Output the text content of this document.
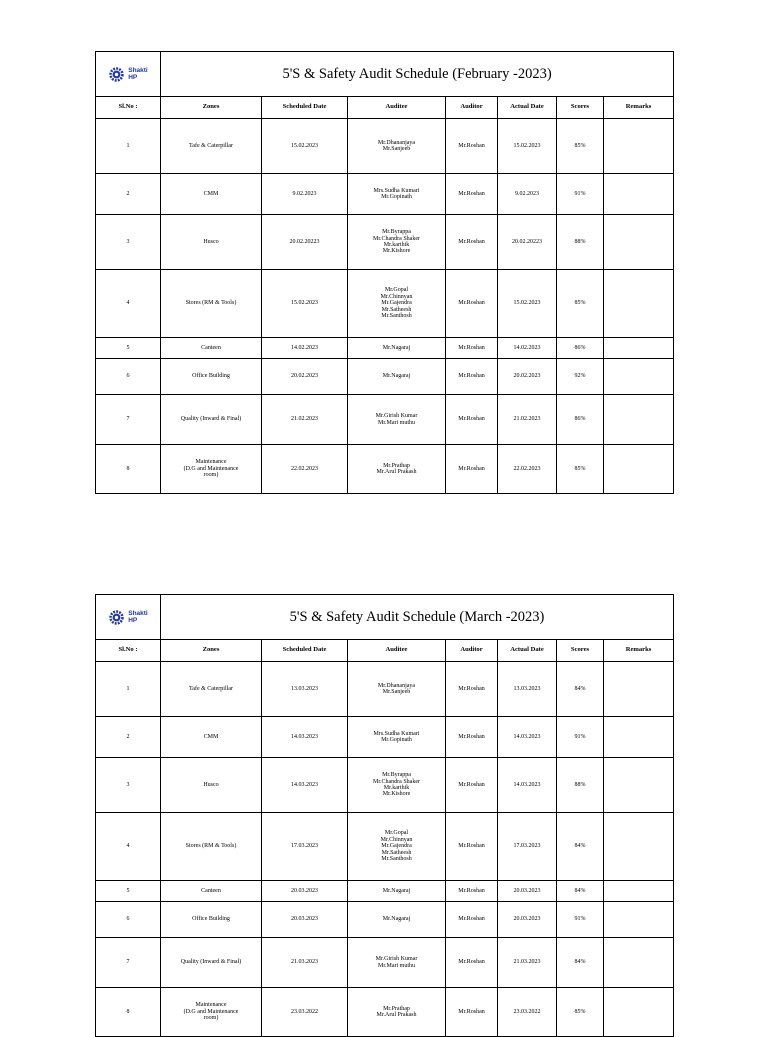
Shakti
HP	5'S & Safety Audit Schedule (February -2023)						
Sl.No :	Zones	Scheduled Date	Auditee	Auditor	Actual Date	Scores	Remarks
1	Tafe & Caterpillar	15.02.2023	Mr.Dhananjaya
Mr.Sanjeeb	Mr.Roshan	15.02.2023	85%	
2	CMM	9.02.2023	Mrs.Sudha Kumari
Mr.Gopinath	Mr.Roshan	9.02.2023	91%	
3	Husco	20.02.20223	Mr.Byrappa
Mr.Chandra Shaker
Mr.karthik
Mr.Kishore	Mr.Roshan	20.02.20223	88%	
4	Stores (RM & Tools)	15.02.2023	Mr.Gopal
Mr.Chinnyan
Mr.Gajendra
Mr.Satheesh
Mr.Santhosh	Mr.Roshan	15.02.2023	85%	
5	Canteen	14.02.2023	Mr.Nagaraj	Mr.Roshan	14.02.2023	86%	
6	Office Building	20.02.2023	Mr.Nagaraj	Mr.Roshan	20.02.2023	92%	
7	Quality (Inward & Final)	21.02.2023	Mr.Girish Kumar
Mr.Mari muthu	Mr.Roshan	21.02.2023	86%	
8	Maintenance
(D.G and Maintenance
room)	22.02.2023	Mr.Prathap
Mr.Arul Prakash	Mr.Roshan	22.02.2023	85%	
Shakti
HP	5'S & Safety Audit Schedule (March -2023)						
Sl.No :	Zones	Scheduled Date	Auditee	Auditor	Actual Date	Scores	Remarks
1	Tafe & Caterpillar	13.03.2023	Mr.Dhananjaya
Mr.Sanjeeb	Mr.Roshan	13.03.2023	84%	
2	CMM	14.03.2023	Mrs.Sudha Kumari
Mr.Gopinath	Mr.Roshan	14.03.2023	91%	
3	Husco	14.03.2023	Mr.Byrappa
Mr.Chandra Shaker
Mr.karthik
Mr.Kishore	Mr.Roshan	14.03.2023	88%	
4	Stores (RM & Tools)	17.03.2023	Mr.Gopal
Mr.Chinnyan
Mr.Gajendra
Mr.Satheesh
Mr.Santhosh	Mr.Roshan	17.03.2023	84%	
5	Canteen	20.03.2023	Mr.Nagaraj	Mr.Roshan	20.03.2023	84%	
6	Office Building	20.03.2023	Mr.Nagaraj	Mr.Roshan	20.03.2023	91%	
7	Quality (Inward & Final)	21.03.2023	Mr.Girish Kumar
Mr.Mari muthu	Mr.Roshan	21.03.2023	84%	
8	Maintenance
(D.G and Maintenance
room)	23.03.2022	Mr.Prathap
Mr.Arul Prakash	Mr.Roshan	23.03.2022	85%	
